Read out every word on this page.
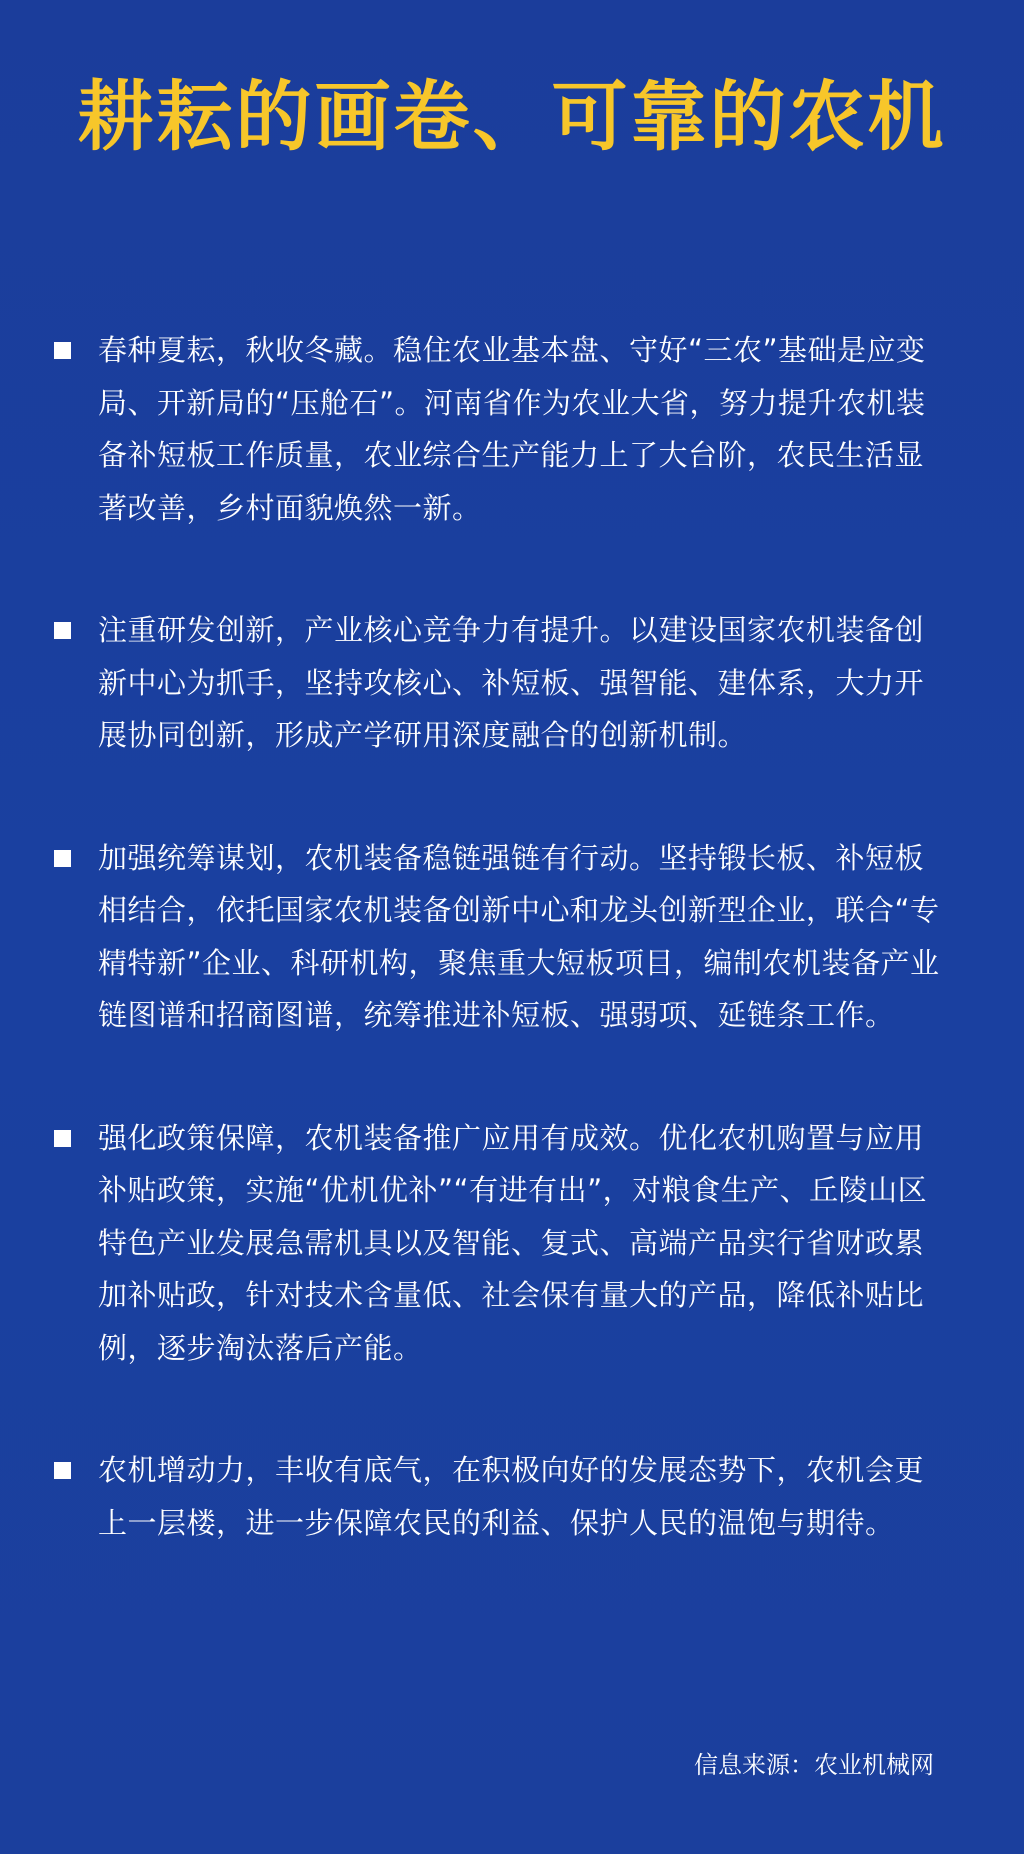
耕耘的画卷、可靠的农机
春种夏耘，秋收冬藏。稳住农业基本盘、守好“三农”基础是应变局、开新局的“压舱石”。河南省作为农业大省，努力提升农机装备补短板工作质量，农业综合生产能力上了大台阶，农民生活显著改善，乡村面貌焕然一新。
注重研发创新，产业核心竞争力有提升。以建设国家农机装备创新中心为抓手，坚持攻核心、补短板、强智能、建体系，大力开展协同创新，形成产学研用深度融合的创新机制。
加强统筹谋划，农机装备稳链强链有行动。坚持锻长板、补短板相结合，依托国家农机装备创新中心和龙头创新型企业，联合“专精特新”企业、科研机构，聚焦重大短板项目，编制农机装备产业链图谱和招商图谱，统筹推进补短板、强弱项、延链条工作。
强化政策保障，农机装备推广应用有成效。优化农机购置与应用补贴政策，实施“优机优补”“有进有出”，对粮食生产、丘陵山区特色产业发展急需机具以及智能、复式、高端产品实行省财政累加补贴政，针对技术含量低、社会保有量大的产品，降低补贴比例，逐步淘汰落后产能。
农机增动力，丰收有底气，在积极向好的发展态势下，农机会更上一层楼，进一步保障农民的利益、保护人民的温饱与期待。
信息来源：农业机械网
